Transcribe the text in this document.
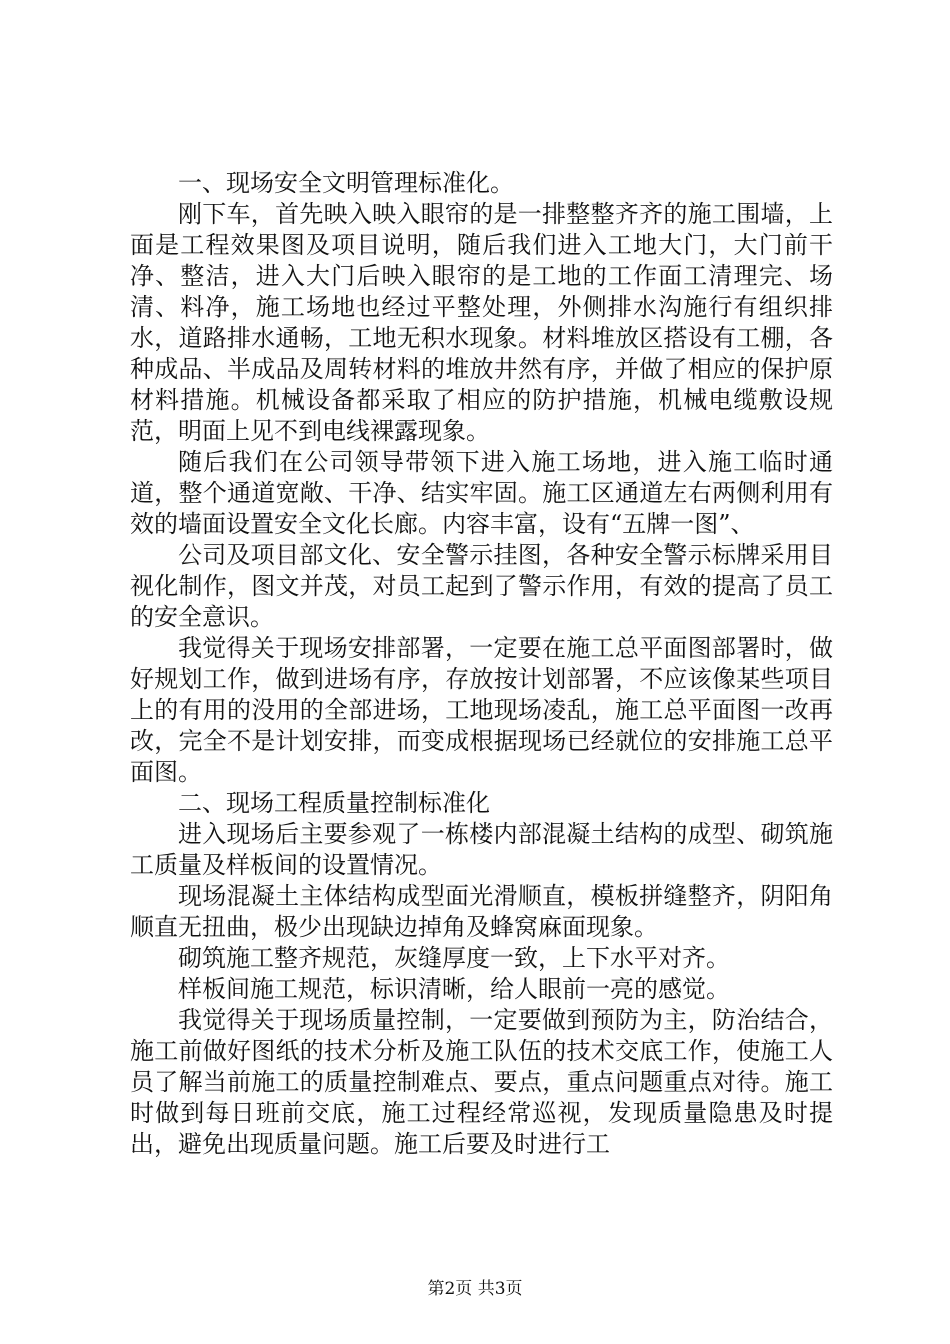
一、现场安全文明管理标准化。

刚下车，首先映入映入眼帘的是一排整整齐齐的施工围墙，上面是工程效果图及项目说明，随后我们进入工地大门，大门前干净、整洁，进入大门后映入眼帘的是工地的工作面工清理完、场清、料净，施工场地也经过平整处理，外侧排水沟施行有组织排水，道路排水通畅，工地无积水现象。材料堆放区搭设有工棚，各种成品、半成品及周转材料的堆放井然有序，并做了相应的保护原材料措施。机械设备都采取了相应的防护措施，机械电缆敷设规范，明面上见不到电线裸露现象。

随后我们在公司领导带领下进入施工场地，进入施工临时通道，整个通道宽敞、干净、结实牢固。施工区通道左右两侧利用有效的墙面设置安全文化长廊。内容丰富，设有“五牌一图”、

公司及项目部文化、安全警示挂图，各种安全警示标牌采用目视化制作，图文并茂，对员工起到了警示作用，有效的提高了员工的安全意识。

我觉得关于现场安排部署，一定要在施工总平面图部署时，做好规划工作，做到进场有序，存放按计划部署，不应该像某些项目上的有用的没用的全部进场，工地现场凌乱，施工总平面图一改再改，完全不是计划安排，而变成根据现场已经就位的安排施工总平面图。

二、现场工程质量控制标准化

进入现场后主要参观了一栋楼内部混凝土结构的成型、砌筑施工质量及样板间的设置情况。

现场混凝土主体结构成型面光滑顺直，模板拼缝整齐，阴阳角顺直无扭曲，极少出现缺边掉角及蜂窝麻面现象。

砌筑施工整齐规范，灰缝厚度一致，上下水平对齐。

样板间施工规范，标识清晰，给人眼前一亮的感觉。

我觉得关于现场质量控制，一定要做到预防为主，防治结合，施工前做好图纸的技术分析及施工队伍的技术交底工作，使施工人员了解当前施工的质量控制难点、要点，重点问题重点对待。施工时做到每日班前交底，施工过程经常巡视，发现质量隐患及时提出，避免出现质量问题。施工后要及时进行工

第2页 共3页
